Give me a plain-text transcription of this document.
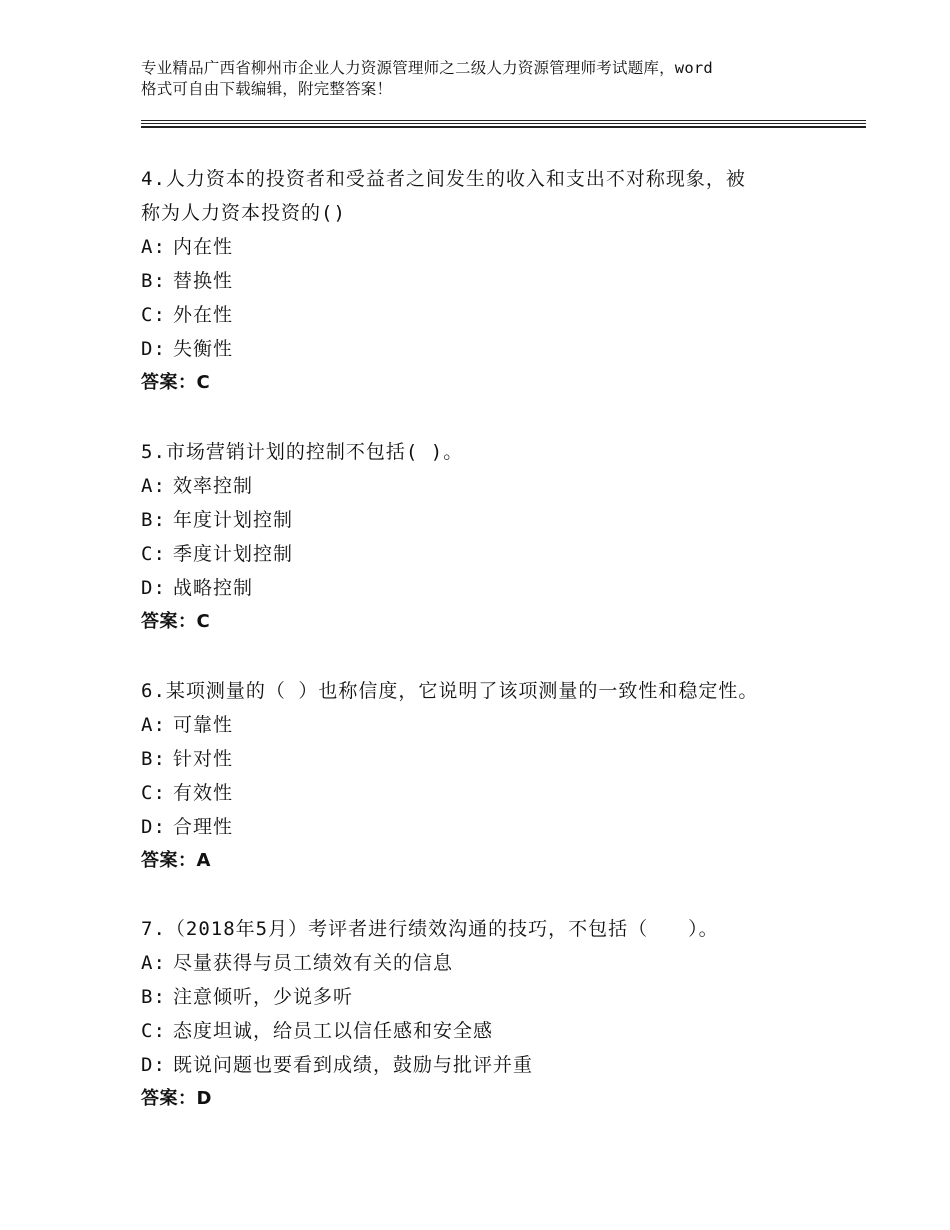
专业精品广西省柳州市企业人力资源管理师之二级人力资源管理师考试题库，word
格式可自由下载编辑，附完整答案！
4.人力资本的投资者和受益者之间发生的收入和支出不对称现象，被
称为人力资本投资的()
A: 内在性
B: 替换性
C: 外在性
D: 失衡性
答案：C
5.市场营销计划的控制不包括( )。
A: 效率控制
B: 年度计划控制
C: 季度计划控制
D: 战略控制
答案：C
6.某项测量的（ ）也称信度，它说明了该项测量的一致性和稳定性。
A: 可靠性
B: 针对性
C: 有效性
D: 合理性
答案：A
7.（2018年5月）考评者进行绩效沟通的技巧，不包括（　　）。
A: 尽量获得与员工绩效有关的信息
B: 注意倾听，少说多听
C: 态度坦诚，给员工以信任感和安全感
D: 既说问题也要看到成绩，鼓励与批评并重
答案：D
